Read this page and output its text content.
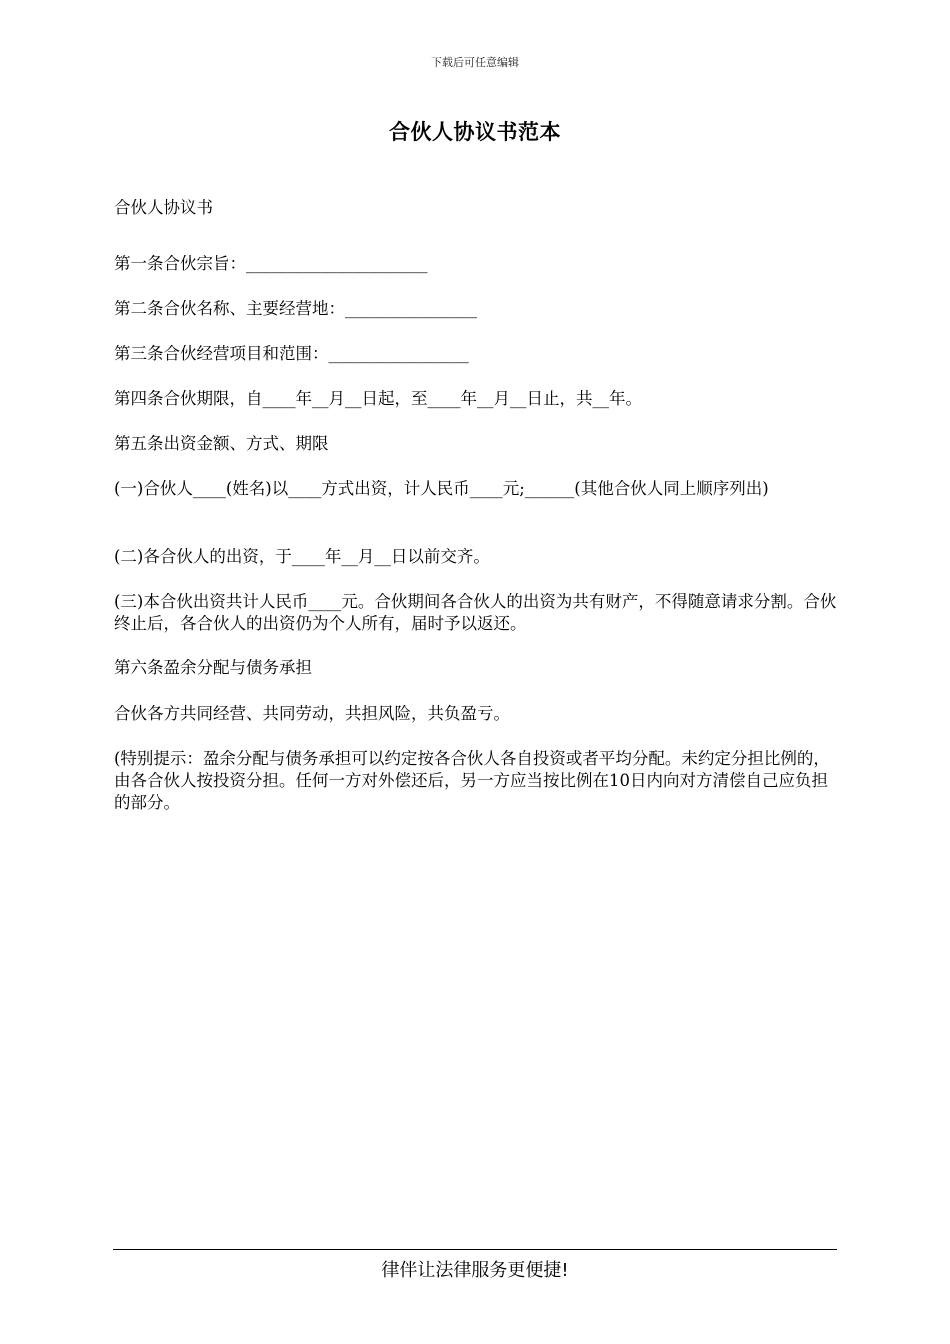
下载后可任意编辑
合伙人协议书范本

合伙人协议书

第一条合伙宗旨：______________________

第二条合伙名称、主要经营地：________________

第三条合伙经营项目和范围：_________________

第四条合伙期限，自____年__月__日起，至____年__月__日止，共__年。

第五条出资金额、方式、期限

(一)合伙人____(姓名)以____方式出资，计人民币____元;______(其他合伙人同上顺序列出)

(二)各合伙人的出资，于____年__月__日以前交齐。

(三)本合伙出资共计人民币____元。合伙期间各合伙人的出资为共有财产，不得随意请求分割。合伙终止后，各合伙人的出资仍为个人所有，届时予以返还。

第六条盈余分配与债务承担

合伙各方共同经营、共同劳动，共担风险，共负盈亏。

(特别提示：盈余分配与债务承担可以约定按各合伙人各自投资或者平均分配。未约定分担比例的，由各合伙人按投资分担。任何一方对外偿还后，另一方应当按比例在10日内向对方清偿自己应负担的部分。

律伴让法律服务更便捷!
